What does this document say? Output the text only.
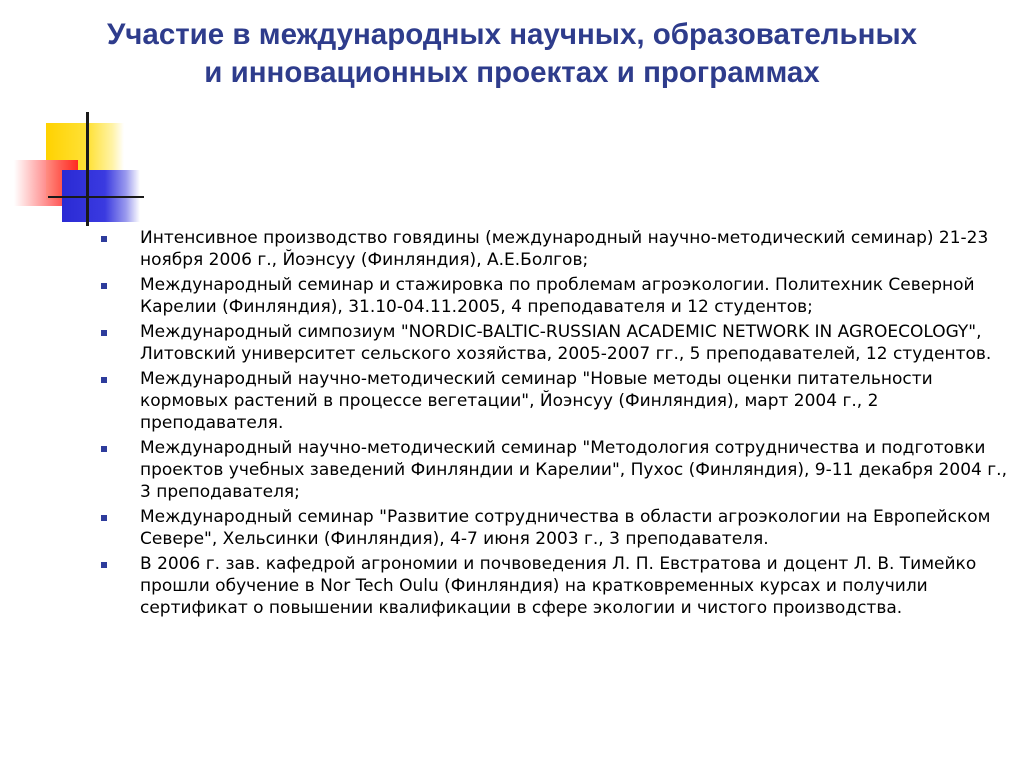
Участие в международных научных, образовательных
и инновационных проектах и программах
Интенсивное производство говядины (международный научно-методический семинар) 21-23 ноября 2006 г., Йоэнсуу (Финляндия), А.Е.Болгов;
Международный семинар и стажировка по проблемам агроэкологии. Политехник Северной Карелии (Финляндия), 31.10-04.11.2005, 4 преподавателя и 12 студентов;
Международный симпозиум "NORDIC-BALTIC-RUSSIAN ACADEMIC NETWORK IN AGROECOLOGY", Литовский университет сельского хозяйства, 2005-2007 гг., 5 преподавателей, 12 студентов.
Международный научно-методический семинар "Новые методы оценки питательности кормовых растений в процессе вегетации", Йоэнсуу (Финляндия), март 2004 г., 2 преподавателя.
Международный научно-методический семинар "Методология сотрудничества и подготовки проектов учебных заведений Финляндии и Карелии", Пухос (Финляндия), 9-11 декабря 2004 г., 3 преподавателя;
Международный семинар "Развитие сотрудничества в области агроэкологии на Европейском Севере", Хельсинки (Финляндия), 4-7 июня 2003 г., 3 преподавателя.
В 2006 г. зав. кафедрой агрономии и почвоведения Л. П. Евстратова и доцент Л. В. Тимейко прошли обучение в Nor Tech Oulu (Финляндия) на кратковременных курсах и получили сертификат о повышении квалификации в сфере экологии и чистого производства.
